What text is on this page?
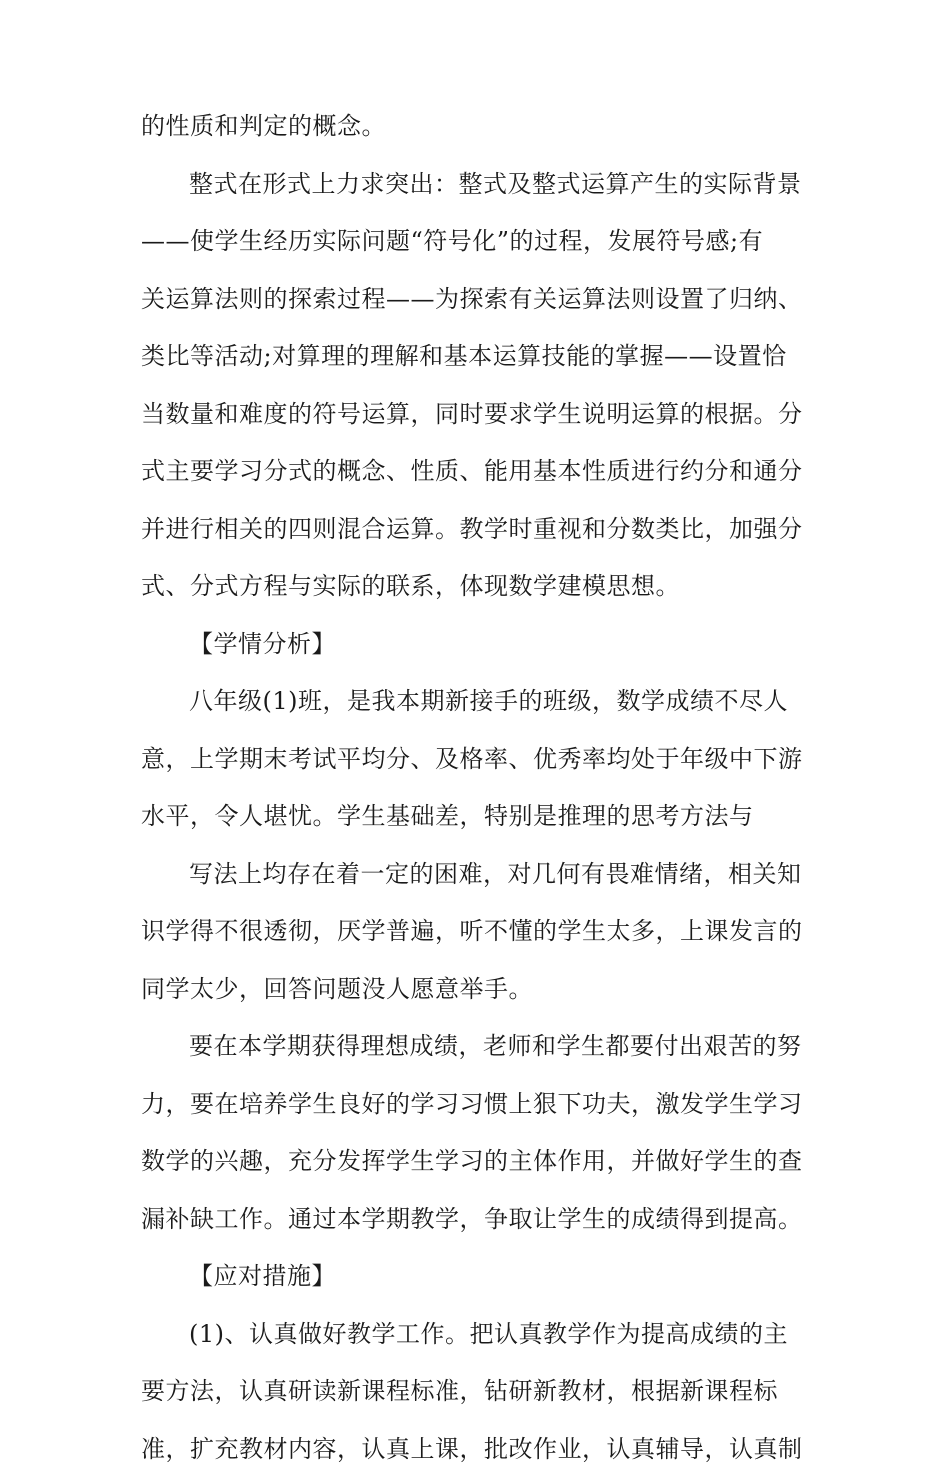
的性质和判定的概念。
整式在形式上力求突出：整式及整式运算产生的实际背景
——使学生经历实际问题“符号化”的过程，发展符号感;有
关运算法则的探索过程——为探索有关运算法则设置了归纳、
类比等活动;对算理的理解和基本运算技能的掌握——设置恰
当数量和难度的符号运算，同时要求学生说明运算的根据。分
式主要学习分式的概念、性质、能用基本性质进行约分和通分
并进行相关的四则混合运算。教学时重视和分数类比，加强分
式、分式方程与实际的联系，体现数学建模思想。
【学情分析】
八年级(1)班，是我本期新接手的班级，数学成绩不尽人
意，上学期末考试平均分、及格率、优秀率均处于年级中下游
水平，令人堪忧。学生基础差，特别是推理的思考方法与
写法上均存在着一定的困难，对几何有畏难情绪，相关知
识学得不很透彻，厌学普遍，听不懂的学生太多，上课发言的
同学太少，回答问题没人愿意举手。
要在本学期获得理想成绩，老师和学生都要付出艰苦的努
力，要在培养学生良好的学习习惯上狠下功夫，激发学生学习
数学的兴趣，充分发挥学生学习的主体作用，并做好学生的查
漏补缺工作。通过本学期教学，争取让学生的成绩得到提高。
【应对措施】
(1)、认真做好教学工作。把认真教学作为提高成绩的主
要方法，认真研读新课程标准，钻研新教材，根据新课程标
准，扩充教材内容，认真上课，批改作业，认真辅导，认真制
